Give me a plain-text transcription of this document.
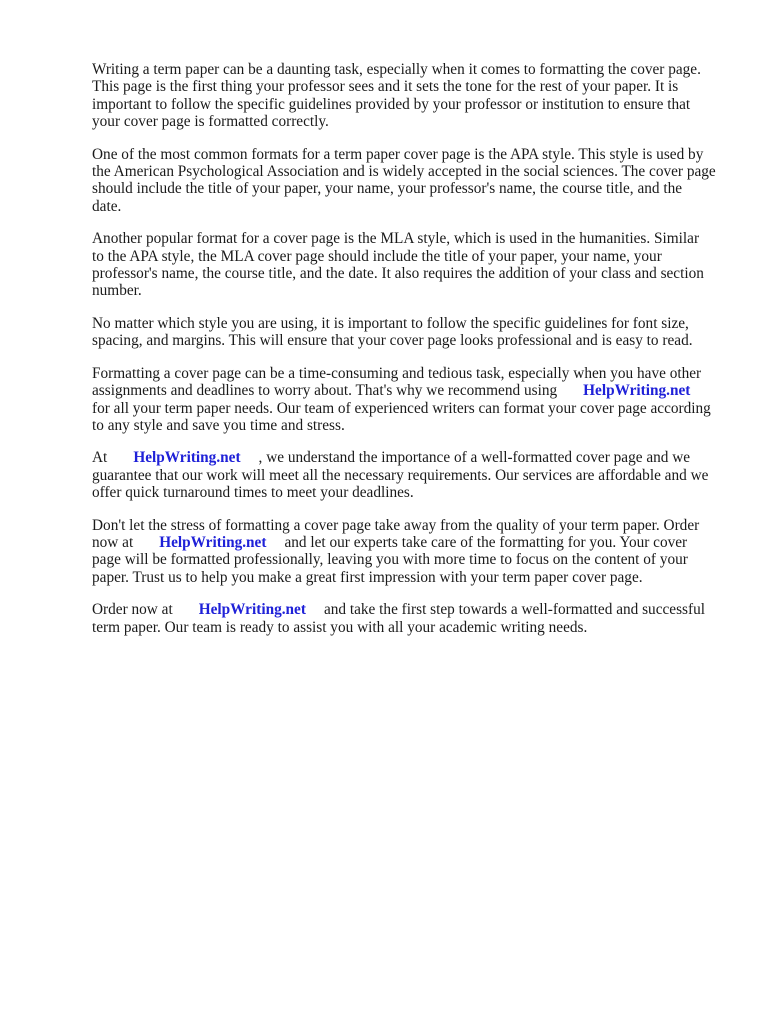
Writing a term paper can be a daunting task, especially when it comes to formatting the cover page.
This page is the first thing your professor sees and it sets the tone for the rest of your paper. It is
important to follow the specific guidelines provided by your professor or institution to ensure that
your cover page is formatted correctly.

One of the most common formats for a term paper cover page is the APA style. This style is used by
the American Psychological Association and is widely accepted in the social sciences. The cover page
should include the title of your paper, your name, your professor's name, the course title, and the
date.

Another popular format for a cover page is the MLA style, which is used in the humanities. Similar
to the APA style, the MLA cover page should include the title of your paper, your name, your
professor's name, the course title, and the date. It also requires the addition of your class and section
number.

No matter which style you are using, it is important to follow the specific guidelines for font size,
spacing, and margins. This will ensure that your cover page looks professional and is easy to read.

Formatting a cover page can be a time-consuming and tedious task, especially when you have other
assignments and deadlines to worry about. That's why we recommend using HelpWriting.net
for all your term paper needs. Our team of experienced writers can format your cover page according
to any style and save you time and stress.

At HelpWriting.net , we understand the importance of a well-formatted cover page and we
guarantee that our work will meet all the necessary requirements. Our services are affordable and we
offer quick turnaround times to meet your deadlines.

Don't let the stress of formatting a cover page take away from the quality of your term paper. Order
now at HelpWriting.net and let our experts take care of the formatting for you. Your cover
page will be formatted professionally, leaving you with more time to focus on the content of your
paper. Trust us to help you make a great first impression with your term paper cover page.

Order now at HelpWriting.net and take the first step towards a well-formatted and successful
term paper. Our team is ready to assist you with all your academic writing needs.
